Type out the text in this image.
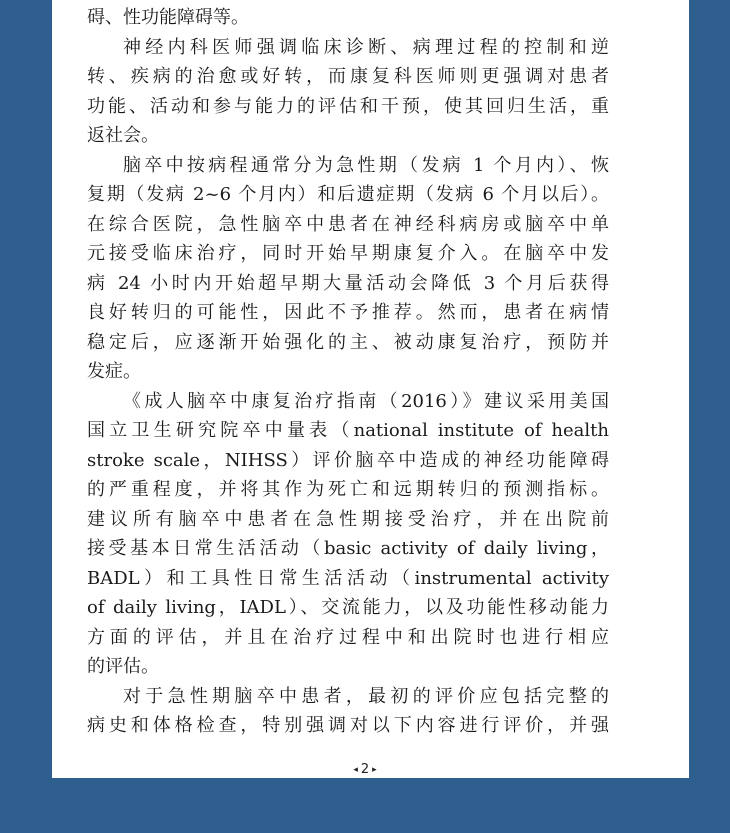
碍、性功能障碍等。
神经内科医师强调临床诊断、病理过程的控制和逆
转、疾病的治愈或好转，而康复科医师则更强调对患者
功能、活动和参与能力的评估和干预，使其回归生活，重
返社会。
脑卒中按病程通常分为急性期（发病 1 个月内）、恢
复期（发病 2~6 个月内）和后遗症期（发病 6 个月以后）。
在综合医院，急性脑卒中患者在神经科病房或脑卒中单
元接受临床治疗，同时开始早期康复介入。在脑卒中发
病 24 小时内开始超早期大量活动会降低 3 个月后获得
良好转归的可能性，因此不予推荐。然而，患者在病情
稳定后，应逐渐开始强化的主、被动康复治疗，预防并
发症。
《成人脑卒中康复治疗指南（2016）》建议采用美国
国立卫生研究院卒中量表（national institute of health
stroke scale，NIHSS）评价脑卒中造成的神经功能障碍
的严重程度，并将其作为死亡和远期转归的预测指标。
建议所有脑卒中患者在急性期接受治疗，并在出院前
接受基本日常生活活动（basic activity of daily living，
BADL）和工具性日常生活活动（instrumental activity
of daily living，IADL）、交流能力，以及功能性移动能力
方面的评估，并且在治疗过程中和出院时也进行相应
的评估。
对于急性期脑卒中患者，最初的评价应包括完整的
病史和体格检查，特别强调对以下内容进行评价，并强
◂ 2 ▸
